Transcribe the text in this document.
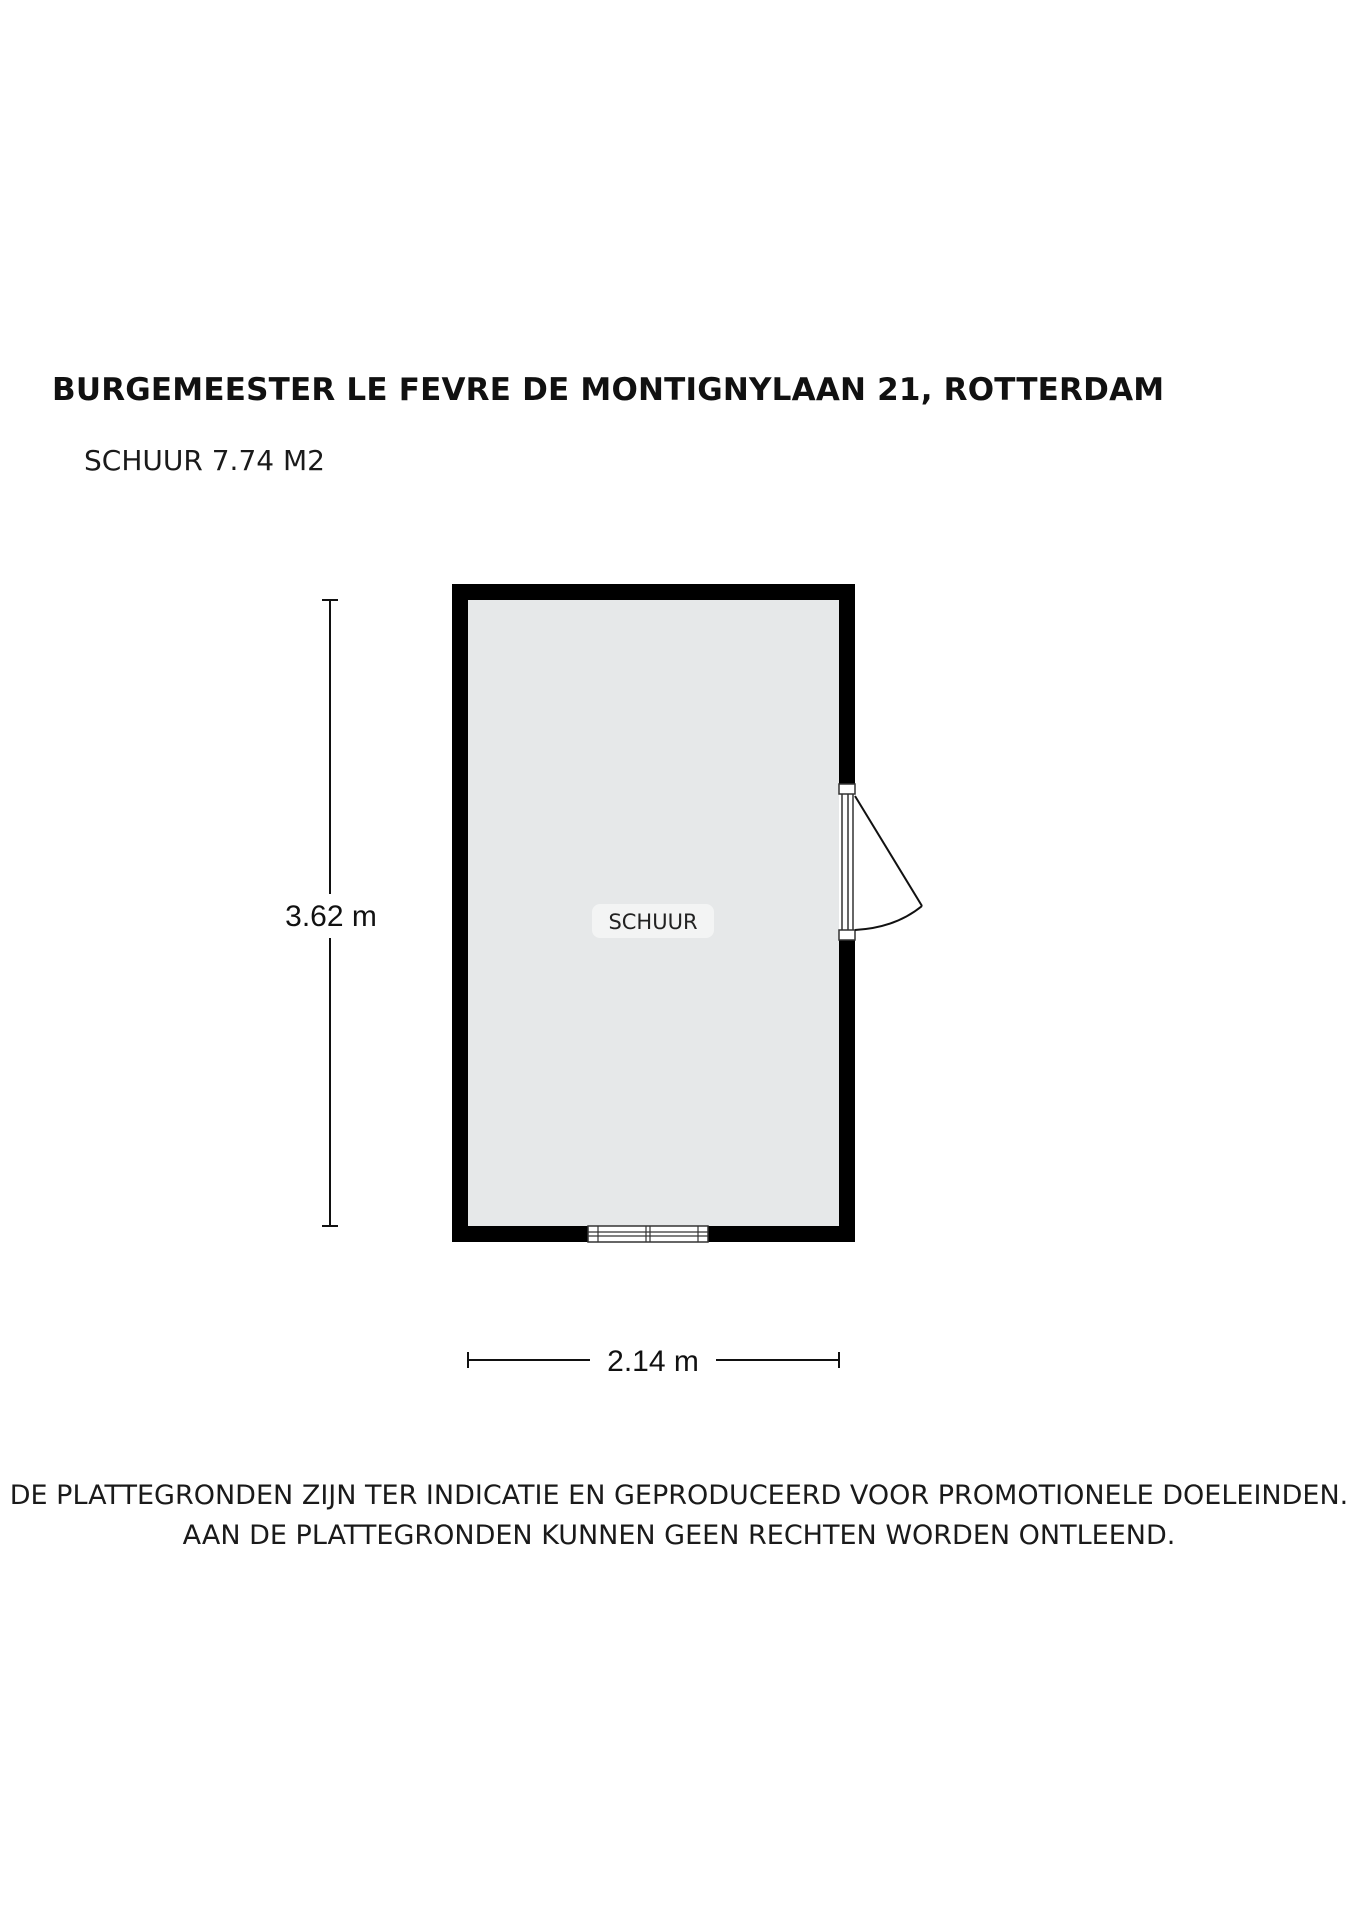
BURGEMEESTER LE FEVRE DE MONTIGNYLAAN 21, ROTTERDAM
SCHUUR 7.74 M2
3.62 m	SCHUUR
2.14 m
DE PLATTEGRONDEN ZIJN TER INDICATIE EN GEPRODUCEERD VOOR PROMOTIONELE DOELEINDEN.
AAN DE PLATTEGRONDEN KUNNEN GEEN RECHTEN WORDEN ONTLEEND.
